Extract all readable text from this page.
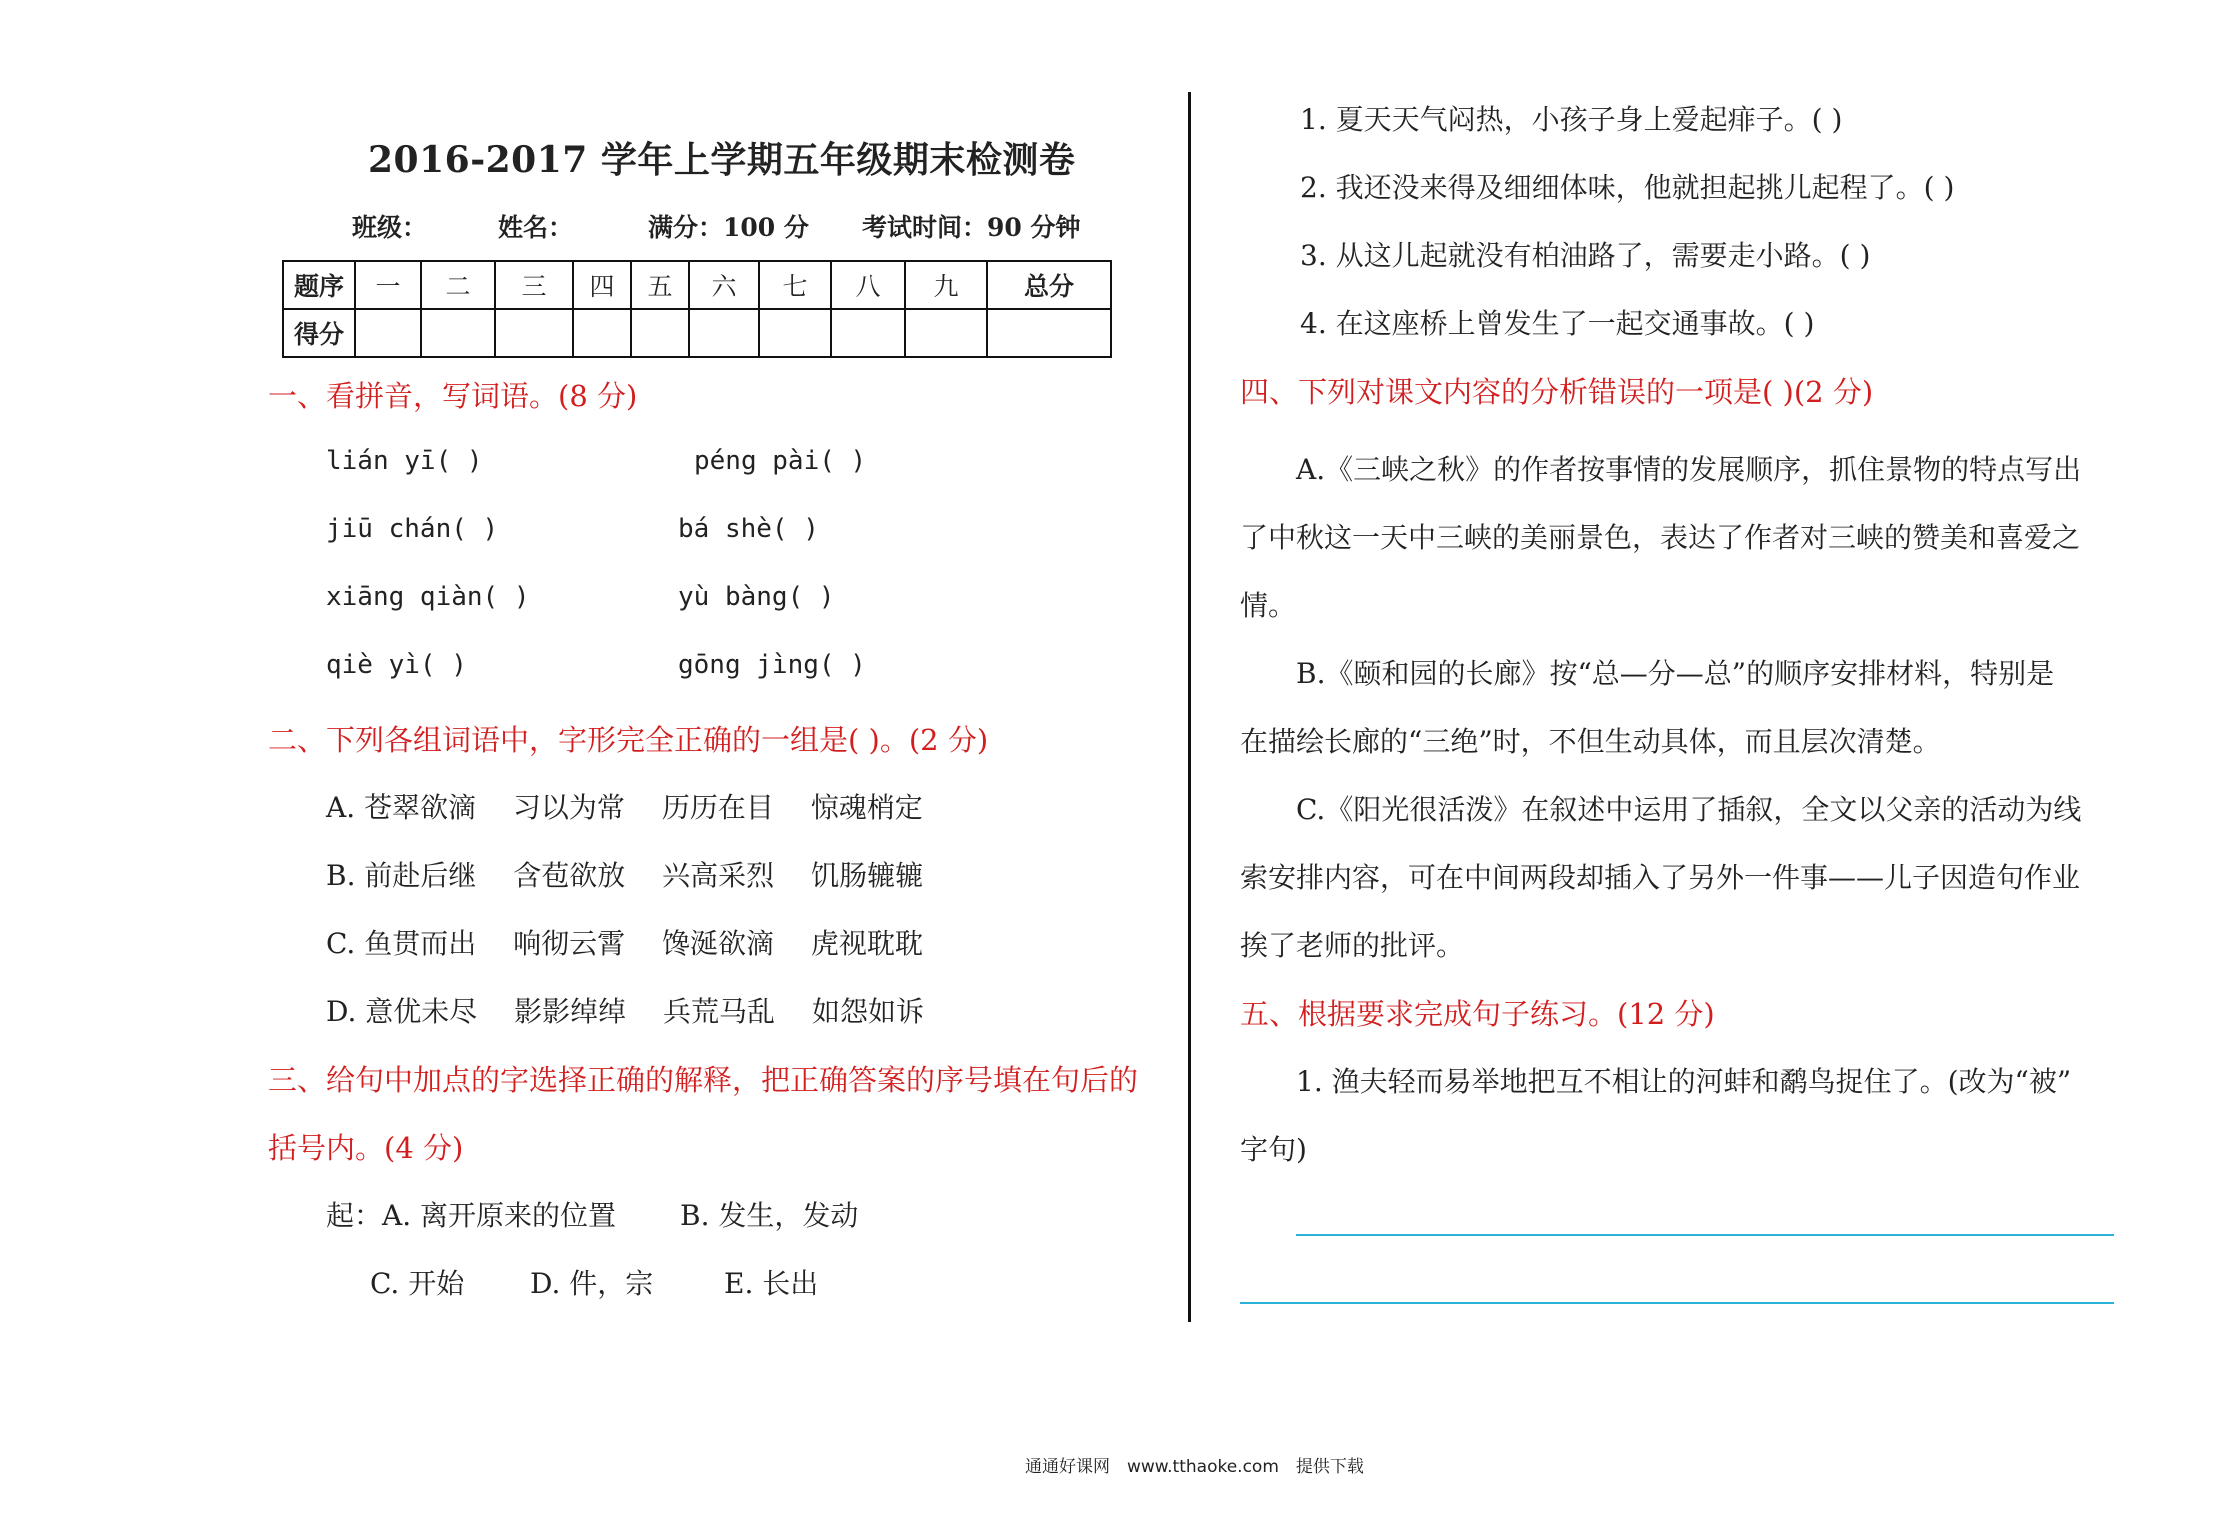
2016-2017 学年上学期五年级期末检测卷
班级：	姓名：	满分：100 分 考试时间：90 分钟
题序	一	二	三	四	五	六	七	八	九	总分
得分										
一、看拼音，写词语。(8 分)
lián yī( )	péng pài( )
jiū chán( )	bá shè( )
xiāng qiàn( )	yù bàng( )
qiè yì( )	gōng jìng( )
二、下列各组词语中，字形完全正确的一组是( )。(2 分)
A. 苍翠欲滴　 习以为常　 历历在目　 惊魂梢定
B. 前赴后继　 含苞欲放　 兴高采烈　 饥肠辘辘
C. 鱼贯而出　 响彻云霄　 馋涎欲滴　 虎视耽耽
D. 意优未尽　 影影绰绰　 兵荒马乱　 如怨如诉
三、给句中加点的字选择正确的解释，把正确答案的序号填在句后的
括号内。(4 分)
起：A. 离开原来的位置 B. 发生，发动
C. 开始 D. 件，宗	E. 长出
1. 夏天天气闷热，小孩子身上爱起痱子。( )
2. 我还没来得及细细体味，他就担起挑儿起程了。( )
3. 从这儿起就没有柏油路了，需要走小路。( )
4. 在这座桥上曾发生了一起交通事故。( )
四、下列对课文内容的分析错误的一项是( )(2 分)
A.《三峡之秋》的作者按事情的发展顺序，抓住景物的特点写出
了中秋这一天中三峡的美丽景色，表达了作者对三峡的赞美和喜爱之
情。
B.《颐和园的长廊》按“总—分—总”的顺序安排材料，特别是
在描绘长廊的“三绝”时，不但生动具体，而且层次清楚。
C.《阳光很活泼》在叙述中运用了插叙，全文以父亲的活动为线
索安排内容，可在中间两段却插入了另外一件事——儿子因造句作业
挨了老师的批评。
五、根据要求完成句子练习。(12 分)
1. 渔夫轻而易举地把互不相让的河蚌和鹬鸟捉住了。(改为“被”
字句)
通通好课网　www.tthaoke.com　提供下载
